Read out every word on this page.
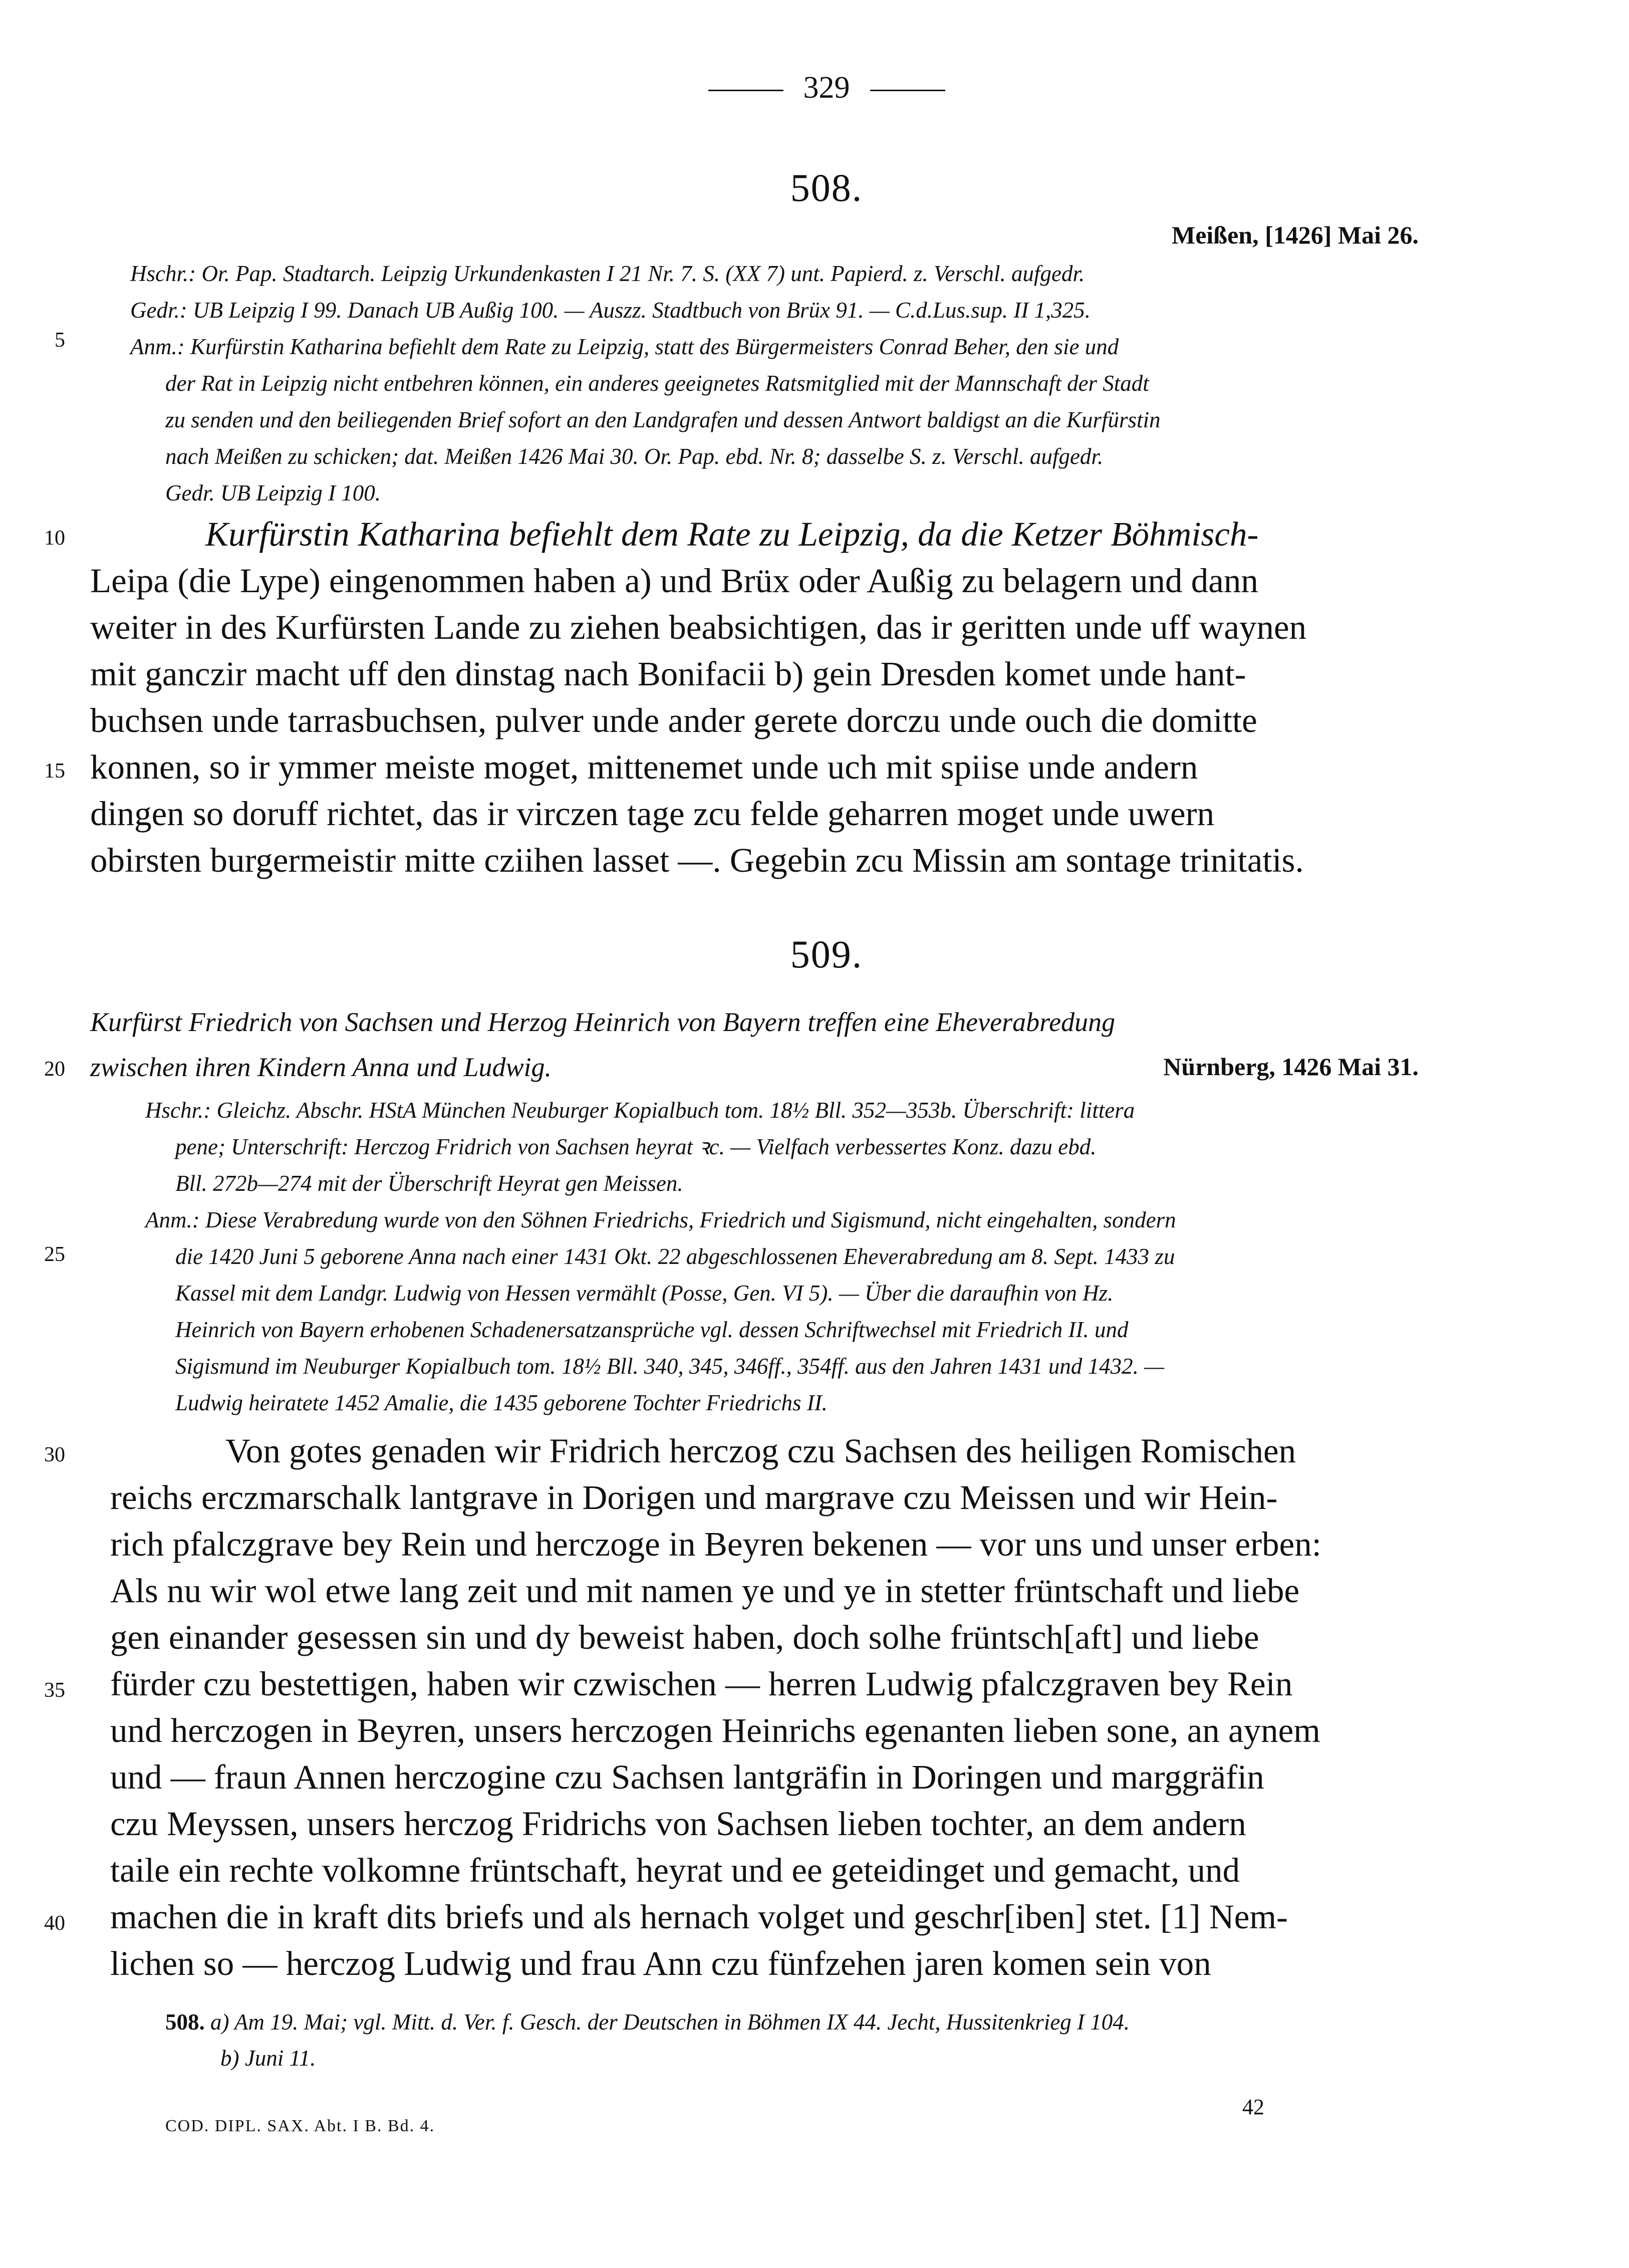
329
508.
Meißen, [1426] Mai 26.
Hschr.: Or. Pap. Stadtarch. Leipzig Urkundenkasten I 21 Nr. 7. S. (XX 7) unt. Papierd. z. Verschl. aufgedr.
Gedr.: UB Leipzig I 99. Danach UB Außig 100. — Auszz. Stadtbuch von Brüx 91. — C.d.Lus.sup. II 1,325.
Anm.: Kurfürstin Katharina befiehlt dem Rate zu Leipzig, statt des Bürgermeisters Conrad Beher, den sie und
der Rat in Leipzig nicht entbehren können, ein anderes geeignetes Ratsmitglied mit der Mannschaft der Stadt
zu senden und den beiliegenden Brief sofort an den Landgrafen und dessen Antwort baldigst an die Kurfürstin
nach Meißen zu schicken; dat. Meißen 1426 Mai 30. Or. Pap. ebd. Nr. 8; dasselbe S. z. Verschl. aufgedr.
Gedr. UB Leipzig I 100.
Kurfürstin Katharina befiehlt dem Rate zu Leipzig, da die Ketzer Böhmisch-
Leipa (die Lype) eingenommen haben a) und Brüx oder Außig zu belagern und dann
weiter in des Kurfürsten Lande zu ziehen beabsichtigen, das ir geritten unde uff waynen
mit ganczir macht uff den dinstag nach Bonifacii b) gein Dresden komet unde hant-
buchsen unde tarrasbuchsen, pulver unde ander gerete dorczu unde ouch die domitte
konnen, so ir ymmer meiste moget, mittenemet unde uch mit spiise unde andern
dingen so doruff richtet, das ir virczen tage zcu felde geharren moget unde uwern
obirsten burgermeistir mitte cziihen lasset —. Gegebin zcu Missin am sontage trinitatis.
509.
Kurfürst Friedrich von Sachsen und Herzog Heinrich von Bayern treffen eine Eheverabredung
zwischen ihren Kindern Anna und Ludwig.	Nürnberg, 1426 Mai 31.
Hschr.: Gleichz. Abschr. HStA München Neuburger Kopialbuch tom. 18½ Bll. 352—353b. Überschrift: littera
pene; Unterschrift: Herczog Fridrich von Sachsen heyrat ꝛc. — Vielfach verbessertes Konz. dazu ebd.
Bll. 272b—274 mit der Überschrift Heyrat gen Meissen.
Anm.: Diese Verabredung wurde von den Söhnen Friedrichs, Friedrich und Sigismund, nicht eingehalten, sondern
die 1420 Juni 5 geborene Anna nach einer 1431 Okt. 22 abgeschlossenen Eheverabredung am 8. Sept. 1433 zu
Kassel mit dem Landgr. Ludwig von Hessen vermählt (Posse, Gen. VI 5). — Über die daraufhin von Hz.
Heinrich von Bayern erhobenen Schadenersatzansprüche vgl. dessen Schriftwechsel mit Friedrich II. und
Sigismund im Neuburger Kopialbuch tom. 18½ Bll. 340, 345, 346ff., 354ff. aus den Jahren 1431 und 1432. —
Ludwig heiratete 1452 Amalie, die 1435 geborene Tochter Friedrichs II.
Von gotes genaden wir Fridrich herczog czu Sachsen des heiligen Romischen
reichs erczmarschalk lantgrave in Dorigen und margrave czu Meissen und wir Hein-
rich pfalczgrave bey Rein und herczoge in Beyren bekenen — vor uns und unser erben:
Als nu wir wol etwe lang zeit und mit namen ye und ye in stetter früntschaft und liebe
gen einander gesessen sin und dy beweist haben, doch solhe früntsch[aft] und liebe
fürder czu bestettigen, haben wir czwischen — herren Ludwig pfalczgraven bey Rein
und herczogen in Beyren, unsers herczogen Heinrichs egenanten lieben sone, an aynem
und — fraun Annen herczogine czu Sachsen lantgräfin in Doringen und marggräfin
czu Meyssen, unsers herczog Fridrichs von Sachsen lieben tochter, an dem andern
taile ein rechte volkomne früntschaft, heyrat und ee geteidinget und gemacht, und
machen die in kraft dits briefs und als hernach volget und geschr[iben] stet. [1] Nem-
lichen so — herczog Ludwig und frau Ann czu fünfzehen jaren komen sein von
5
10
15
20
25
30
35
40
508. a) Am 19. Mai; vgl. Mitt. d. Ver. f. Gesch. der Deutschen in Böhmen IX 44. Jecht, Hussitenkrieg I 104.
b) Juni 11.
COD. DIPL. SAX. Abt. I B. Bd. 4.
42
